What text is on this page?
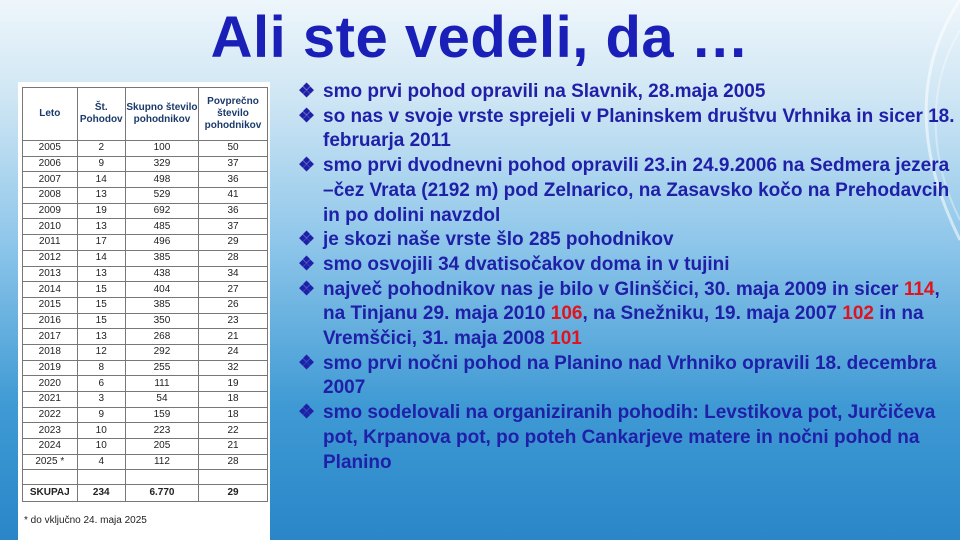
Ali ste vedeli, da …
Leto	Št. Pohodov	Skupno število pohodnikov	Povprečno število pohodnikov
2005	2	100	50
2006	9	329	37
2007	14	498	36
2008	13	529	41
2009	19	692	36
2010	13	485	37
2011	17	496	29
2012	14	385	28
2013	13	438	34
2014	15	404	27
2015	15	385	26
2016	15	350	23
2017	13	268	21
2018	12	292	24
2019	8	255	32
2020	6	111	19
2021	3	54	18
2022	9	159	18
2023	10	223	22
2024	10	205	21
2025 *	4	112	28

SKUPAJ	234	6.770	29
* do vključno 24. maja 2025
❖ smo prvi pohod opravili na Slavnik, 28.maja 2005
❖ so nas v svoje vrste sprejeli v Planinskem društvu Vrhnika in sicer 18. februarja 2011
❖ smo prvi dvodnevni pohod opravili 23.in 24.9.2006 na Sedmera jezera –čez Vrata (2192 m) pod Zelnarico, na Zasavsko kočo na Prehodavcih in po dolini navzdol
❖ je skozi naše vrste šlo 285 pohodnikov
❖ smo osvojili 34 dvatisočakov doma in v tujini
❖ največ pohodnikov nas je bilo v Glinščici, 30. maja 2009 in sicer 114, na Tinjanu 29. maja 2010 106, na Snežniku, 19. maja 2007 102 in na Vremščici, 31. maja 2008 101
❖ smo prvi nočni pohod na Planino nad Vrhniko opravili 18. decembra 2007
❖ smo sodelovali na organiziranih pohodih: Levstikova pot, Jurčičeva pot, Krpanova pot, po poteh Cankarjeve matere in nočni pohod na Planino
